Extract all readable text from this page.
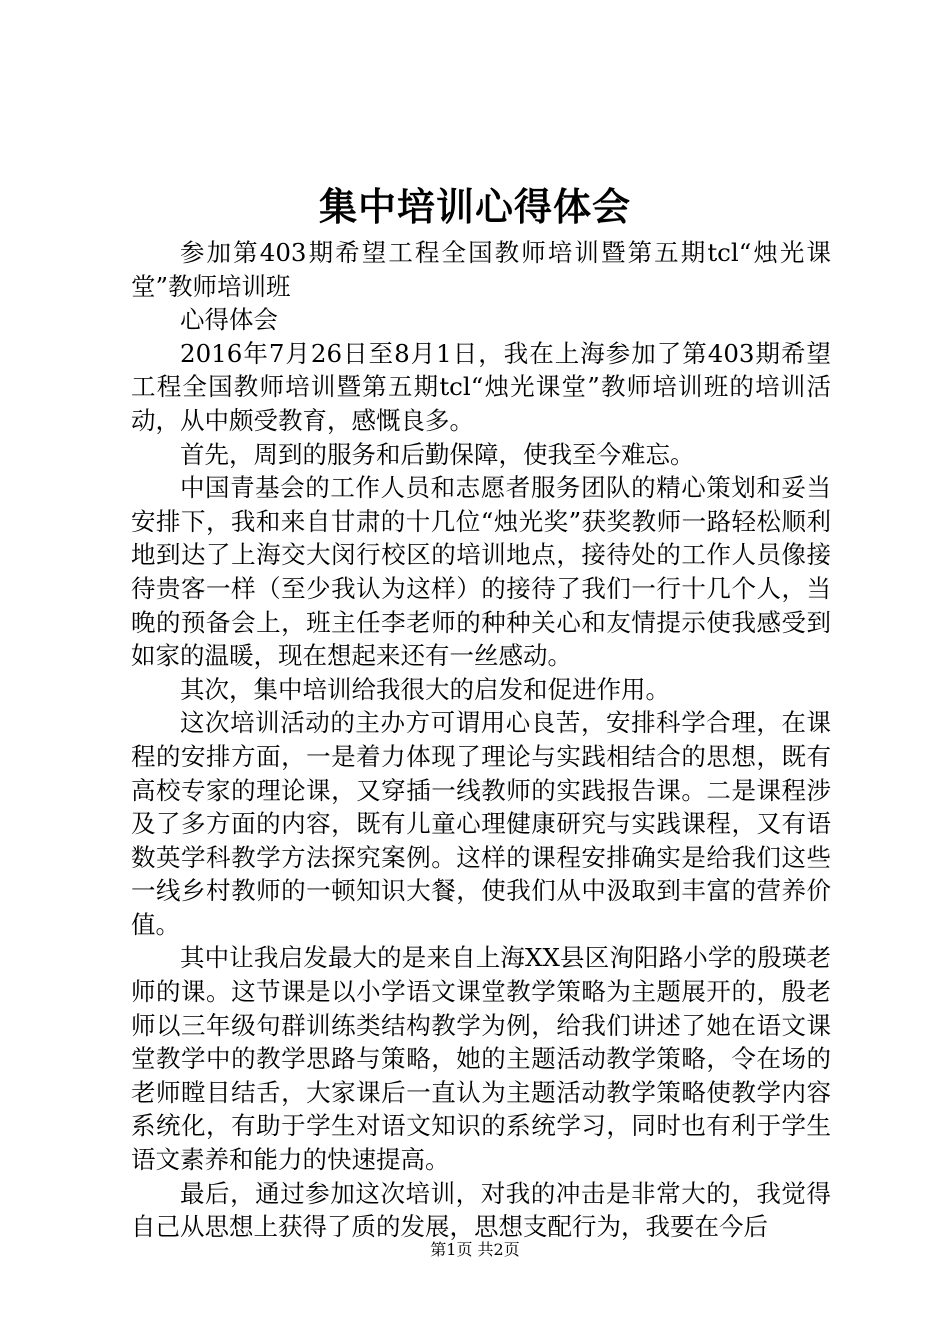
集中培训心得体会

参加第403期希望工程全国教师培训暨第五期tcl“烛光课堂”教师培训班

心得体会

2016年7月26日至8月1日，我在上海参加了第403期希望工程全国教师培训暨第五期tcl“烛光课堂”教师培训班的培训活动，从中颇受教育，感慨良多。

首先，周到的服务和后勤保障，使我至今难忘。

中国青基会的工作人员和志愿者服务团队的精心策划和妥当安排下，我和来自甘肃的十几位“烛光奖”获奖教师一路轻松顺利地到达了上海交大闵行校区的培训地点，接待处的工作人员像接待贵客一样（至少我认为这样）的接待了我们一行十几个人，当晚的预备会上，班主任李老师的种种关心和友情提示使我感受到如家的温暖，现在想起来还有一丝感动。

其次，集中培训给我很大的启发和促进作用。

这次培训活动的主办方可谓用心良苦，安排科学合理，在课程的安排方面，一是着力体现了理论与实践相结合的思想，既有高校专家的理论课，又穿插一线教师的实践报告课。二是课程涉及了多方面的内容，既有儿童心理健康研究与实践课程，又有语数英学科教学方法探究案例。这样的课程安排确实是给我们这些一线乡村教师的一顿知识大餐，使我们从中汲取到丰富的营养价值。

其中让我启发最大的是来自上海XX县区洵阳路小学的殷瑛老师的课。这节课是以小学语文课堂教学策略为主题展开的，殷老师以三年级句群训练类结构教学为例，给我们讲述了她在语文课堂教学中的教学思路与策略，她的主题活动教学策略，令在场的老师瞠目结舌，大家课后一直认为主题活动教学策略使教学内容系统化，有助于学生对语文知识的系统学习，同时也有利于学生语文素养和能力的快速提高。

最后，通过参加这次培训，对我的冲击是非常大的，我觉得自己从思想上获得了质的发展，思想支配行为，我要在今后

第1页 共2页
